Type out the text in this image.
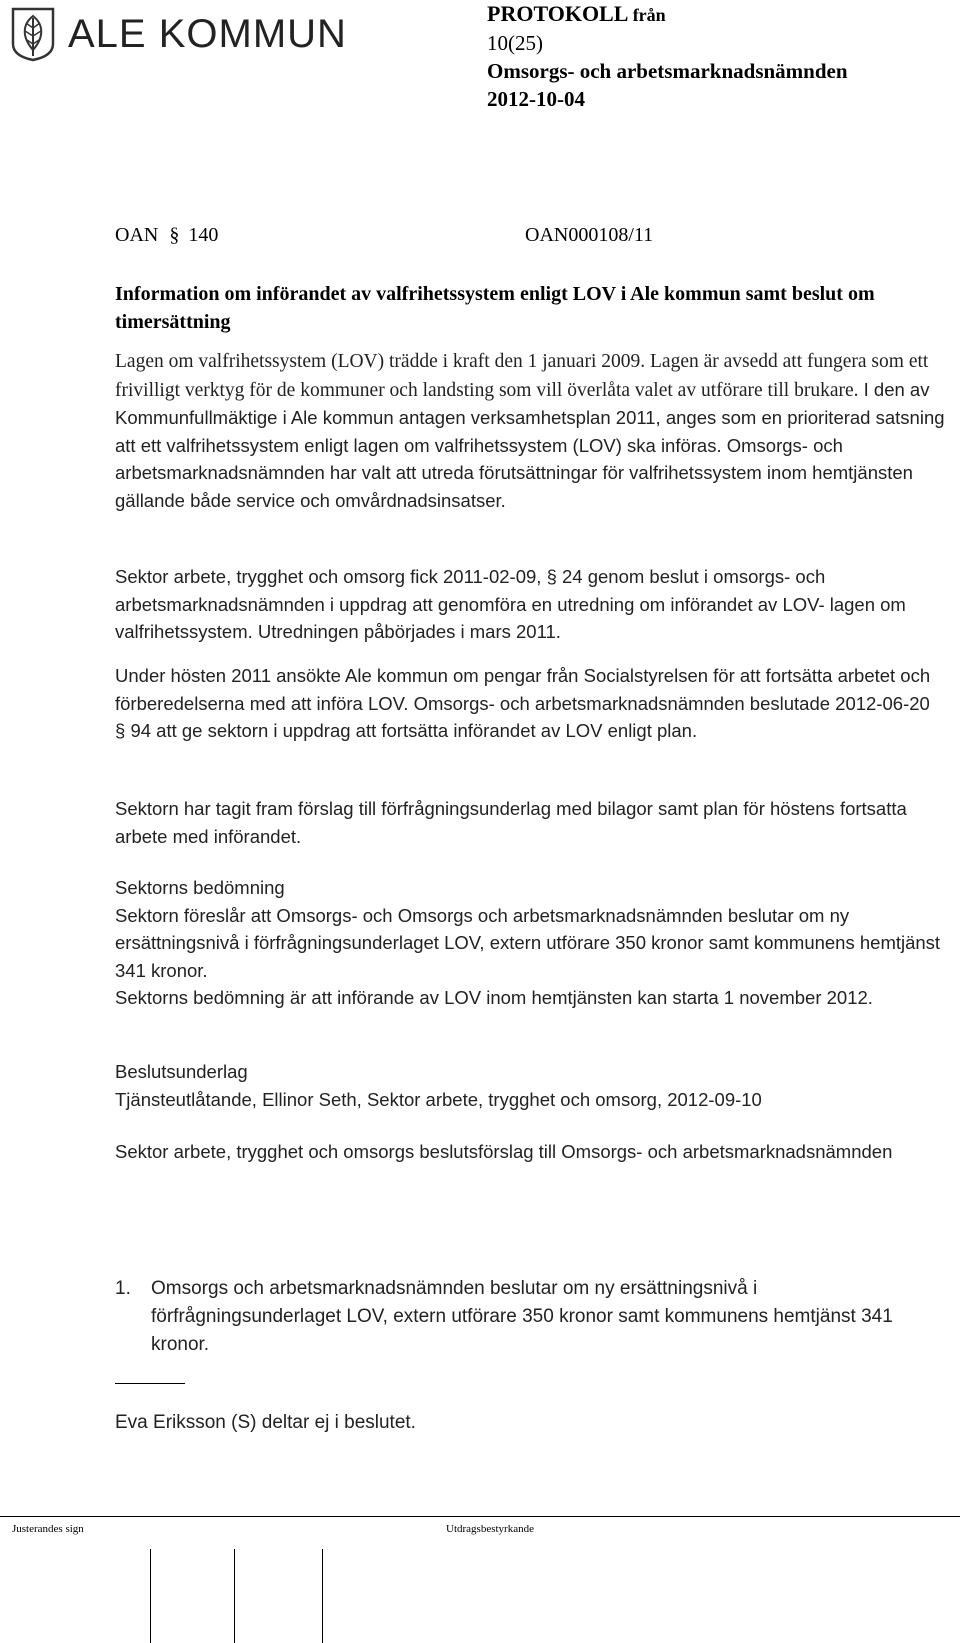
ALE KOMMUN	PROTOKOLL från
10(25)
Omsorgs- och arbetsmarknadsnämnden
2012-10-04
OAN § 140	OAN000108/11
Information om införandet av valfrihetssystem enligt LOV i Ale kommun samt beslut om timersättning

Lagen om valfrihetssystem (LOV) trädde i kraft den 1 januari 2009. Lagen är avsedd att fungera som ett frivilligt verktyg för de kommuner och landsting som vill överlåta valet av utförare till brukare. I den av Kommunfullmäktige i Ale kommun antagen verksamhetsplan 2011, anges som en prioriterad satsning att ett valfrihetssystem enligt lagen om valfrihetssystem (LOV) ska införas. Omsorgs- och arbetsmarknadsnämnden har valt att utreda förutsättningar för valfrihetssystem inom hemtjänsten gällande både service och omvårdnadsinsatser.

Sektor arbete, trygghet och omsorg fick 2011-02-09, § 24 genom beslut i omsorgs- och arbetsmarknadsnämnden i uppdrag att genomföra en utredning om införandet av LOV- lagen om valfrihetssystem. Utredningen påbörjades i mars 2011.

Under hösten 2011 ansökte Ale kommun om pengar från Socialstyrelsen för att fortsätta arbetet och förberedelserna med att införa LOV. Omsorgs- och arbetsmarknadsnämnden beslutade 2012-06-20 § 94 att ge sektorn i uppdrag att fortsätta införandet av LOV enligt plan.

Sektorn har tagit fram förslag till förfrågningsunderlag med bilagor samt plan för höstens fortsatta arbete med införandet.

Sektorns bedömning

Sektorn föreslår att Omsorgs- och Omsorgs och arbetsmarknadsnämnden beslutar om ny ersättningsnivå i förfrågningsunderlaget LOV, extern utförare 350 kronor samt kommunens hemtjänst 341 kronor.

Sektorns bedömning är att införande av LOV inom hemtjänsten kan starta 1 november 2012.

Beslutsunderlag

Tjänsteutlåtande, Ellinor Seth, Sektor arbete, trygghet och omsorg, 2012-09-10

Sektor arbete, trygghet och omsorgs beslutsförslag till Omsorgs- och arbetsmarknadsnämnden

1. Omsorgs och arbetsmarknadsnämnden beslutar om ny ersättningsnivå i förfrågningsunderlaget LOV, extern utförare 350 kronor samt kommunens hemtjänst 341 kronor.
Eva Eriksson (S) deltar ej i beslutet.
Justerandes sign	Utdragsbestyrkande
